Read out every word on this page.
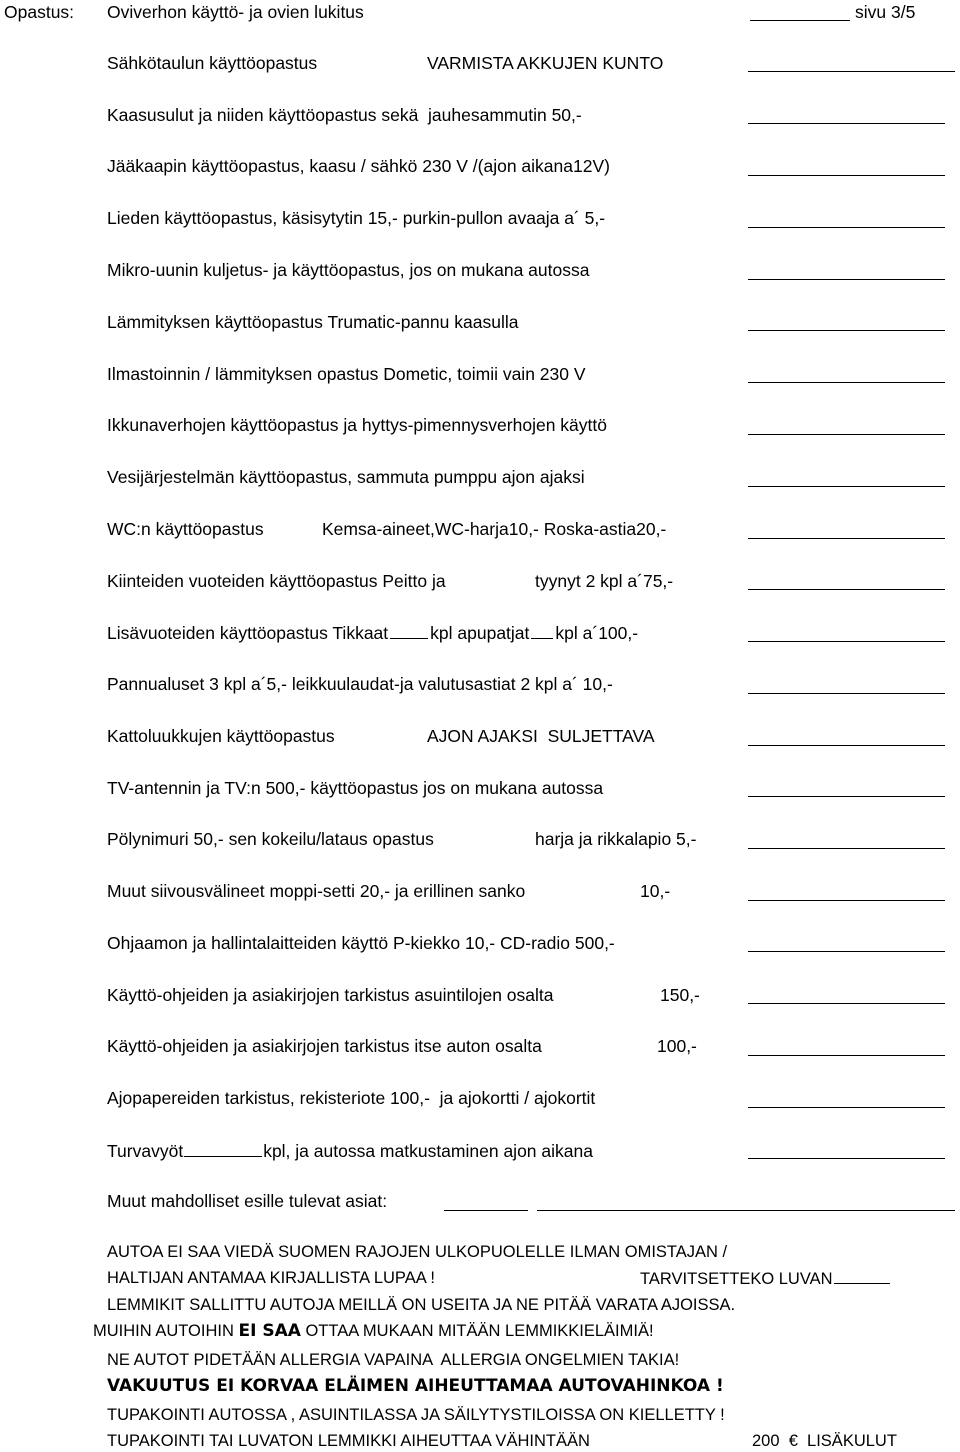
Opastus: Oviverhon käyttö- ja ovien lukitus	sivu 3/5
Sähkötaulun käyttöopastus	VARMISTA AKKUJEN KUNTO
Kaasusulut ja niiden käyttöopastus sekä  jauhesammutin 50,-
Jääkaapin käyttöopastus, kaasu / sähkö 230 V /(ajon aikana12V)
Lieden käyttöopastus, käsisytytin 15,- purkin-pullon avaaja a´ 5,-
Mikro-uunin kuljetus- ja käyttöopastus, jos on mukana autossa
Lämmityksen käyttöopastus Trumatic-pannu kaasulla
Ilmastoinnin / lämmityksen opastus Dometic, toimii vain 230 V
Ikkunaverhojen käyttöopastus ja hyttys-pimennysverhojen käyttö
Vesijärjestelmän käyttöopastus, sammuta pumppu ajon ajaksi
WC:n käyttöopastus	Kemsa-aineet,WC-harja10,- Roska-astia20,-
Kiinteiden vuoteiden käyttöopastus Peitto ja	tyynyt 2 kpl a´75,-
Lisävuoteiden käyttöopastus Tikkaat kpl apupatjat kpl a´100,-
Pannualuset 3 kpl a´5,- leikkuulaudat-ja valutusastiat 2 kpl a´ 10,-
Kattoluukkujen käyttöopastus	AJON AJAKSI  SULJETTAVA
TV-antennin ja TV:n 500,- käyttöopastus jos on mukana autossa
Pölynimuri 50,- sen kokeilu/lataus opastus	harja ja rikkalapio 5,-
Muut siivousvälineet moppi-setti 20,- ja erillinen sanko	10,-
Ohjaamon ja hallintalaitteiden käyttö P-kiekko 10,- CD-radio 500,-
Käyttö-ohjeiden ja asiakirjojen tarkistus asuintilojen osalta	150,-
Käyttö-ohjeiden ja asiakirjojen tarkistus itse auton osalta	100,-
Ajopapereiden tarkistus, rekisteriote 100,-  ja ajokortti / ajokortit
Turvavyöt	kpl, ja autossa matkustaminen ajon aikana
Muut mahdolliset esille tulevat asiat:
AUTOA EI SAA VIEDÄ SUOMEN RAJOJEN ULKOPUOLELLE ILMAN OMISTAJAN /
HALTIJAN ANTAMAA KIRJALLISTA LUPAA !	TARVITSETTEKO LUVAN
LEMMIKIT SALLITTU AUTOJA MEILLÄ ON USEITA JA NE PITÄÄ VARATA AJOISSA.
MUIHIN AUTOIHIN EI SAA OTTAA MUKAAN MITÄÄN LEMMIKKIELÄIMIÄ!
NE AUTOT PIDETÄÄN ALLERGIA VAPAINA  ALLERGIA ONGELMIEN TAKIA!
VAKUUTUS EI KORVAA ELÄIMEN AIHEUTTAMAA AUTOVAHINKOA !
TUPAKOINTI AUTOSSA , ASUINTILASSA JA SÄILYTYSTILOISSA ON KIELLETTY !
TUPAKOINTI TAI LUVATON LEMMIKKI AIHEUTTAA VÄHINTÄÄN	200  €  LISÄKULUT
